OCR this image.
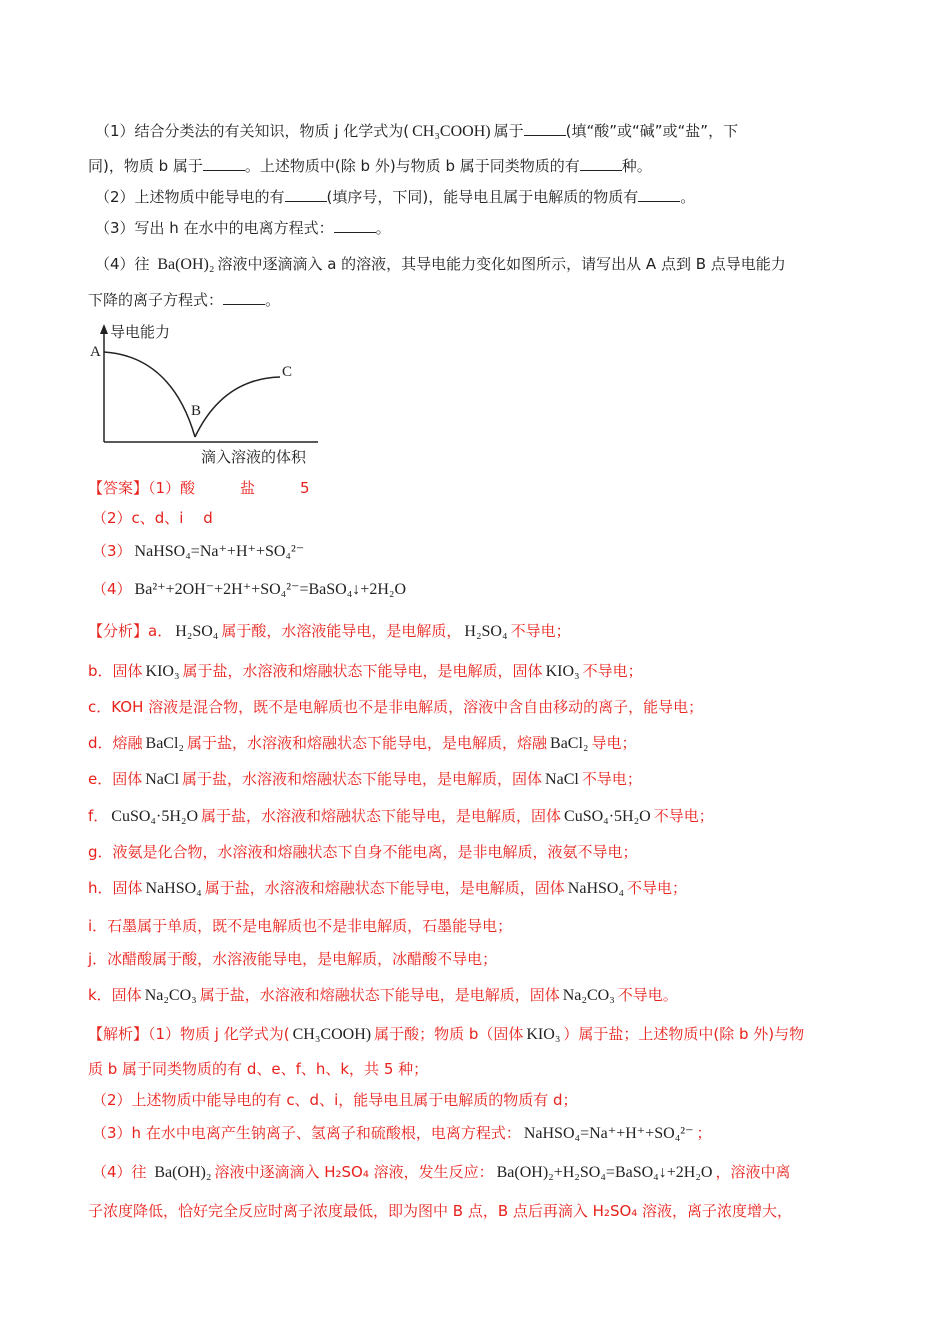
（1）结合分类法的有关知识，物质 j 化学式为( CH₃COOH) 属于	(填“酸”或“碱”或“盐”，下
同)，物质 b 属于	。上述物质中(除 b 外)与物质 b 属于同类物质的有	种。
（2）上述物质中能导电的有	(填序号，下同)，能导电且属于电解质的物质有	。
（3）写出 h 在水中的电离方程式：	。
（4）往 Ba(OH)₂ 溶液中逐滴滴入 a 的溶液，其导电能力变化如图所示，请写出从 A 点到 B 点导电能力
下降的离子方程式：	。
【答案】（1）酸　　　盐　　　5
（2）c、d、i　 d
（3） NaHSO₄=Na⁺+H⁺+SO₄²⁻
（4） Ba²⁺+2OH⁻+2H⁺+SO₄²⁻=BaSO₄↓+2H₂O
【分析】a． H₂SO₄ 属于酸，水溶液能导电，是电解质， H₂SO₄ 不导电；
b．固体 KIO₃ 属于盐，水溶液和熔融状态下能导电，是电解质，固体 KIO₃ 不导电；
c．KOH 溶液是混合物，既不是电解质也不是非电解质，溶液中含自由移动的离子，能导电；
d．熔融 BaCl₂ 属于盐，水溶液和熔融状态下能导电，是电解质，熔融 BaCl₂ 导电；
e．固体 NaCl 属于盐，水溶液和熔融状态下能导电，是电解质，固体 NaCl 不导电；
f． CuSO₄·5H₂O 属于盐，水溶液和熔融状态下能导电，是电解质，固体 CuSO₄·5H₂O 不导电；
g．液氨是化合物，水溶液和熔融状态下自身不能电离，是非电解质，液氨不导电；
h．固体 NaHSO₄ 属于盐，水溶液和熔融状态下能导电，是电解质，固体 NaHSO₄ 不导电；
i．石墨属于单质，既不是电解质也不是非电解质，石墨能导电；
j．冰醋酸属于酸，水溶液能导电，是电解质，冰醋酸不导电；
k．固体 Na₂CO₃ 属于盐，水溶液和熔融状态下能导电，是电解质，固体 Na₂CO₃ 不导电。
【解析】（1）物质 j 化学式为( CH₃COOH) 属于酸；物质 b（固体 KIO₃ ）属于盐；上述物质中(除 b 外)与物
质 b 属于同类物质的有 d、e、f、h、k，共 5 种；
（2）上述物质中能导电的有 c、d、i，能导电且属于电解质的物质有 d；
（3）h 在水中电离产生钠离子、氢离子和硫酸根，电离方程式： NaHSO₄=Na⁺+H⁺+SO₄²⁻ ；
（4）往 Ba(OH)₂ 溶液中逐滴滴入 H₂SO₄ 溶液，发生反应： Ba(OH)₂+H₂SO₄=BaSO₄↓+2H₂O ，溶液中离
子浓度降低，恰好完全反应时离子浓度最低，即为图中 B 点，B 点后再滴入 H₂SO₄ 溶液，离子浓度增大，
导电能力
A
B
C
滴入溶液的体积
